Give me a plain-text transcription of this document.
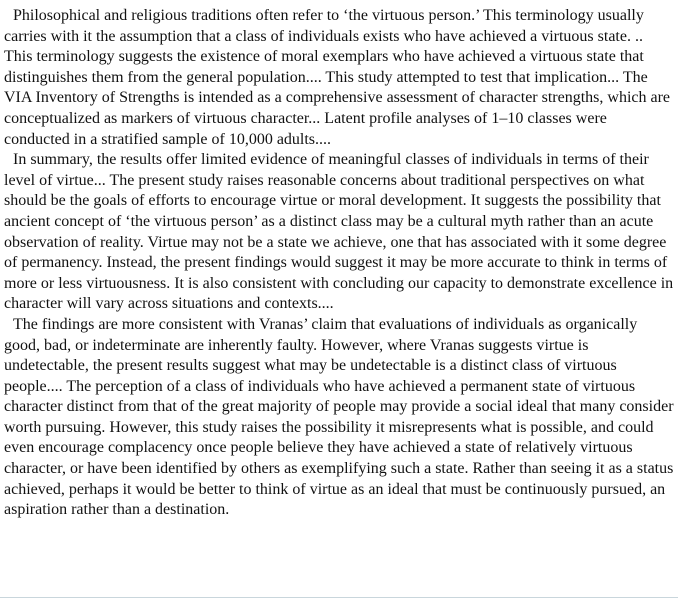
Philosophical and religious traditions often refer to ‘the virtuous person.’ This terminology usually carries with it the assumption that a class of individuals exists who have achieved a virtuous state. .. This terminology suggests the existence of moral exemplars who have achieved a virtuous state that distinguishes them from the general population.... This study attempted to test that implication... The VIA Inventory of Strengths is intended as a comprehensive assessment of character strengths, which are conceptualized as markers of virtuous character... Latent profile analyses of 1–10 classes were conducted in a stratified sample of 10,000 adults....

In summary, the results offer limited evidence of meaningful classes of individuals in terms of their level of virtue... The present study raises reasonable concerns about traditional perspectives on what should be the goals of efforts to encourage virtue or moral development. It suggests the possibility that ancient concept of ‘the virtuous person’ as a distinct class may be a cultural myth rather than an acute observation of reality. Virtue may not be a state we achieve, one that has associated with it some degree of permanency. Instead, the present findings would suggest it may be more accurate to think in terms of more or less virtuousness. It is also consistent with concluding our capacity to demonstrate excellence in character will vary across situations and contexts....

The findings are more consistent with Vranas’ claim that evaluations of individuals as organically good, bad, or indeterminate are inherently faulty. However, where Vranas suggests virtue is undetectable, the present results suggest what may be undetectable is a distinct class of virtuous people.... The perception of a class of individuals who have achieved a permanent state of virtuous character distinct from that of the great majority of people may provide a social ideal that many consider worth pursuing. However, this study raises the possibility it misrepresents what is possible, and could even encourage complacency once people believe they have achieved a state of relatively virtuous character, or have been identified by others as exemplifying such a state. Rather than seeing it as a status achieved, perhaps it would be better to think of virtue as an ideal that must be continuously pursued, an aspiration rather than a destination.
